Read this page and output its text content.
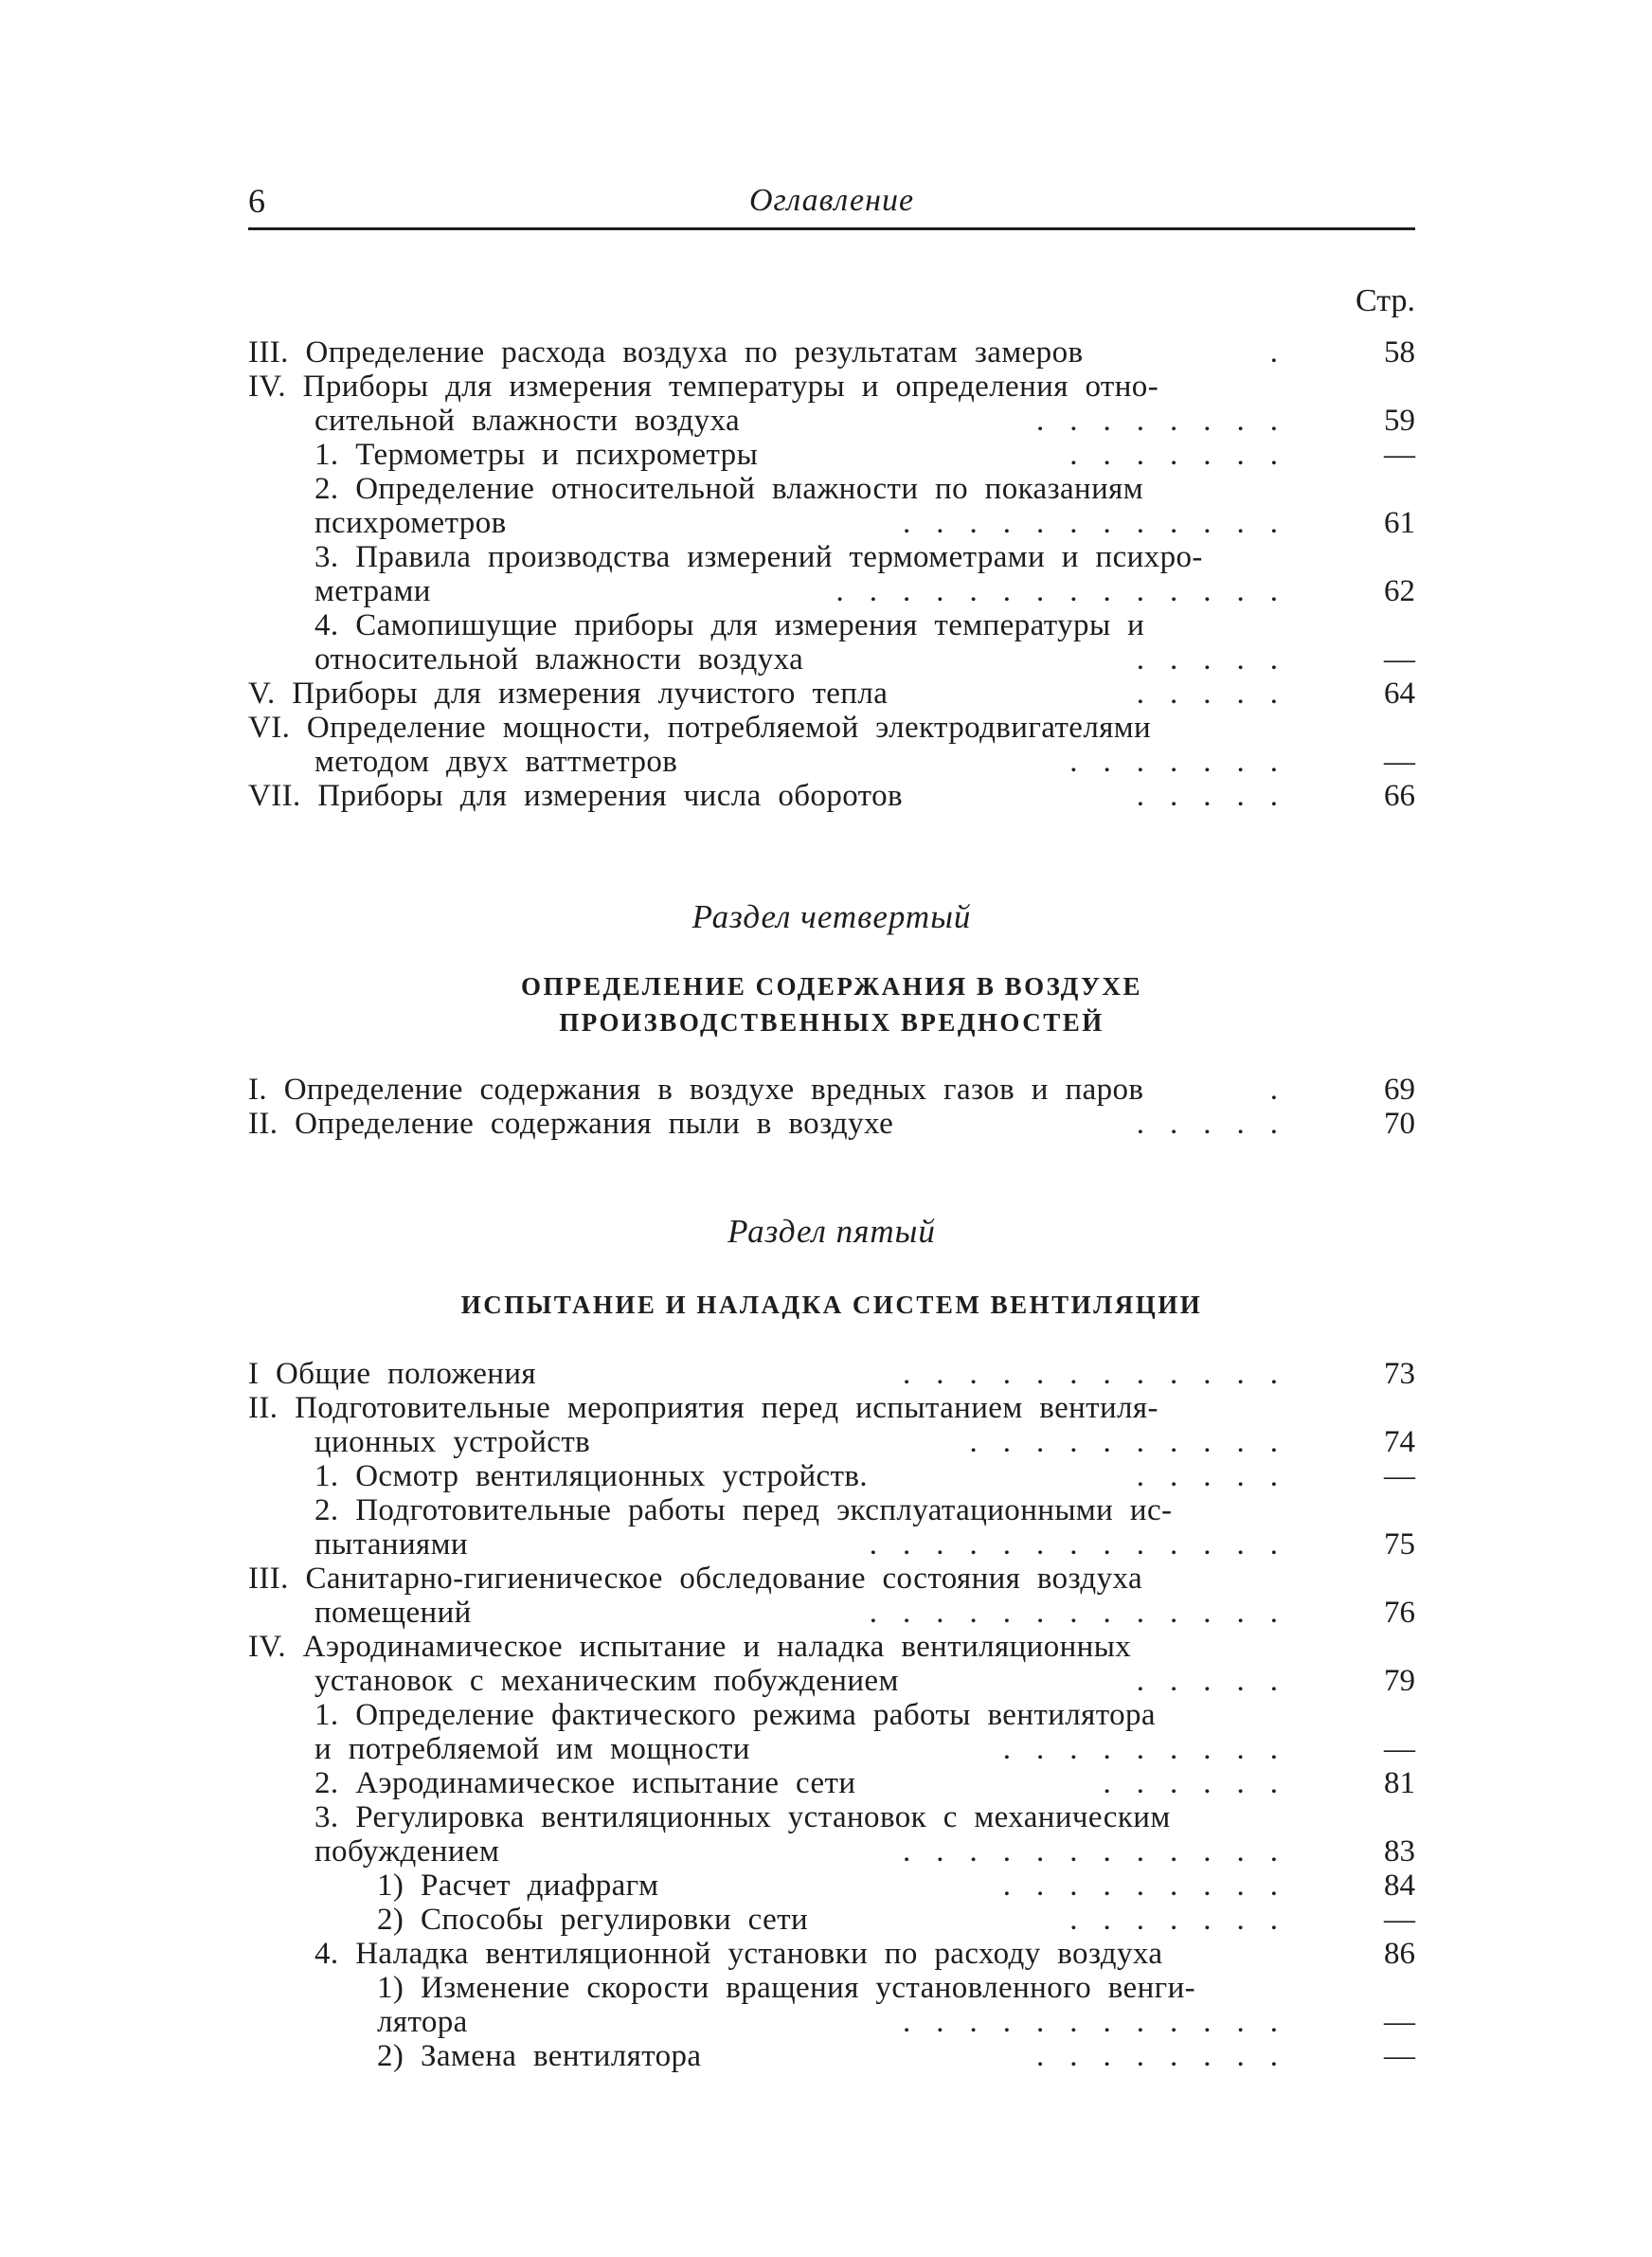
6	Оглавление
Стр.
III. Определение расхода воздуха по результатам замеров	.	58
IV. Приборы для измерения температуры и определения отно-
сительной влажности воздуха	........	59
1. Термометры и психрометры	.......	—
2. Определение относительной влажности по показаниям
психрометров	............	61
3. Правила производства измерений термометрами и психро-
метрами	..............	62
4. Самопишущие приборы для измерения температуры и
относительной влажности воздуха	.....	—
V. Приборы для измерения лучистого тепла	.....	64
VI. Определение мощности, потребляемой электродвигателями
методом двух ваттметров	.......	—
VII. Приборы для измерения числа оборотов	.....	66
Раздел четвертый
ОПРЕДЕЛЕНИЕ СОДЕРЖАНИЯ В ВОЗДУХЕ
ПРОИЗВОДСТВЕННЫХ ВРЕДНОСТЕЙ
I. Определение содержания в воздухе вредных газов и паров	.	69
II. Определение содержания пыли в воздухе	.....	70
Раздел пятый
ИСПЫТАНИЕ И НАЛАДКА СИСТЕМ ВЕНТИЛЯЦИИ
I Общие положения	............	73
II. Подготовительные мероприятия перед испытанием вентиля-
ционных устройств	..........	74
1. Осмотр вентиляционных устройств.	.....	—
2. Подготовительные работы перед эксплуатационными ис-
пытаниями	.............	75
III. Санитарно-гигиеническое обследование состояния воздуха
помещений	.............	76
IV. Аэродинамическое испытание и наладка вентиляционных
установок с механическим побуждением	.....	79
1. Определение фактического режима работы вентилятора
и потребляемой им мощности	.........	—
2. Аэродинамическое испытание сети	......	81
3. Регулировка вентиляционных установок с механическим
побуждением	............	83
1) Расчет диафрагм	.........	84
2) Способы регулировки сети	.......	—
4. Наладка вентиляционной установки по расходу воздуха	86
1) Изменение скорости вращения установленного венги-
лятора	............	—
2) Замена вентилятора	........	—
